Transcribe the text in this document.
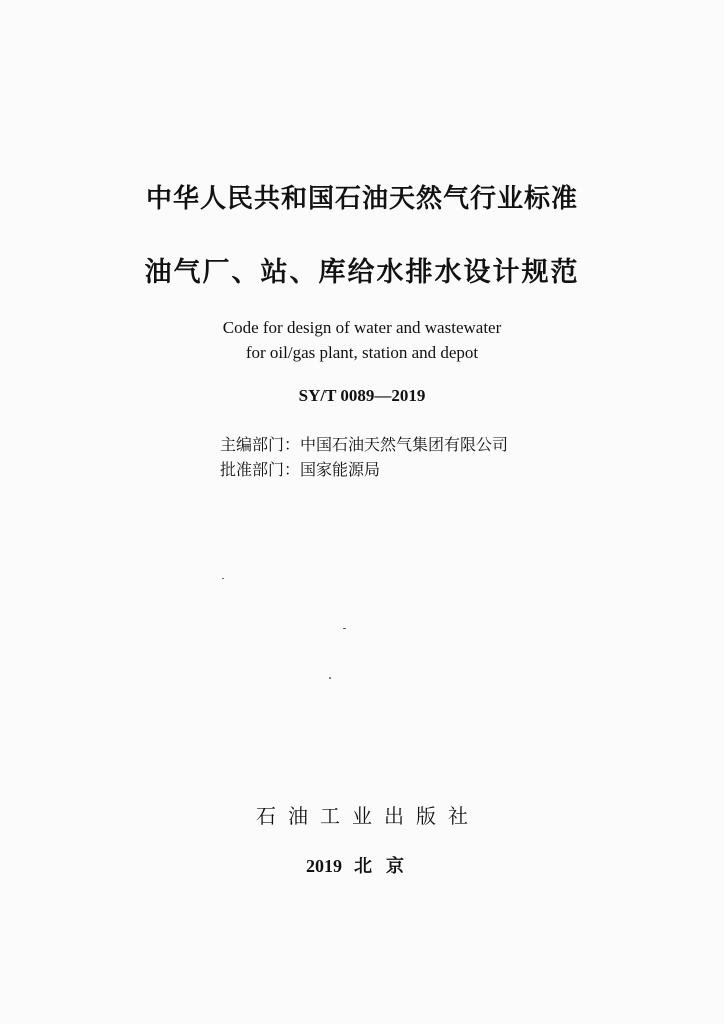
中华人民共和国石油天然气行业标准
油气厂、站、库给水排水设计规范
Code for design of water and wastewater
for oil/gas plant, station and depot
SY/T 0089—2019
主编部门：中国石油天然气集团有限公司
批准部门：国家能源局
石油工业出版社
2019 北京
